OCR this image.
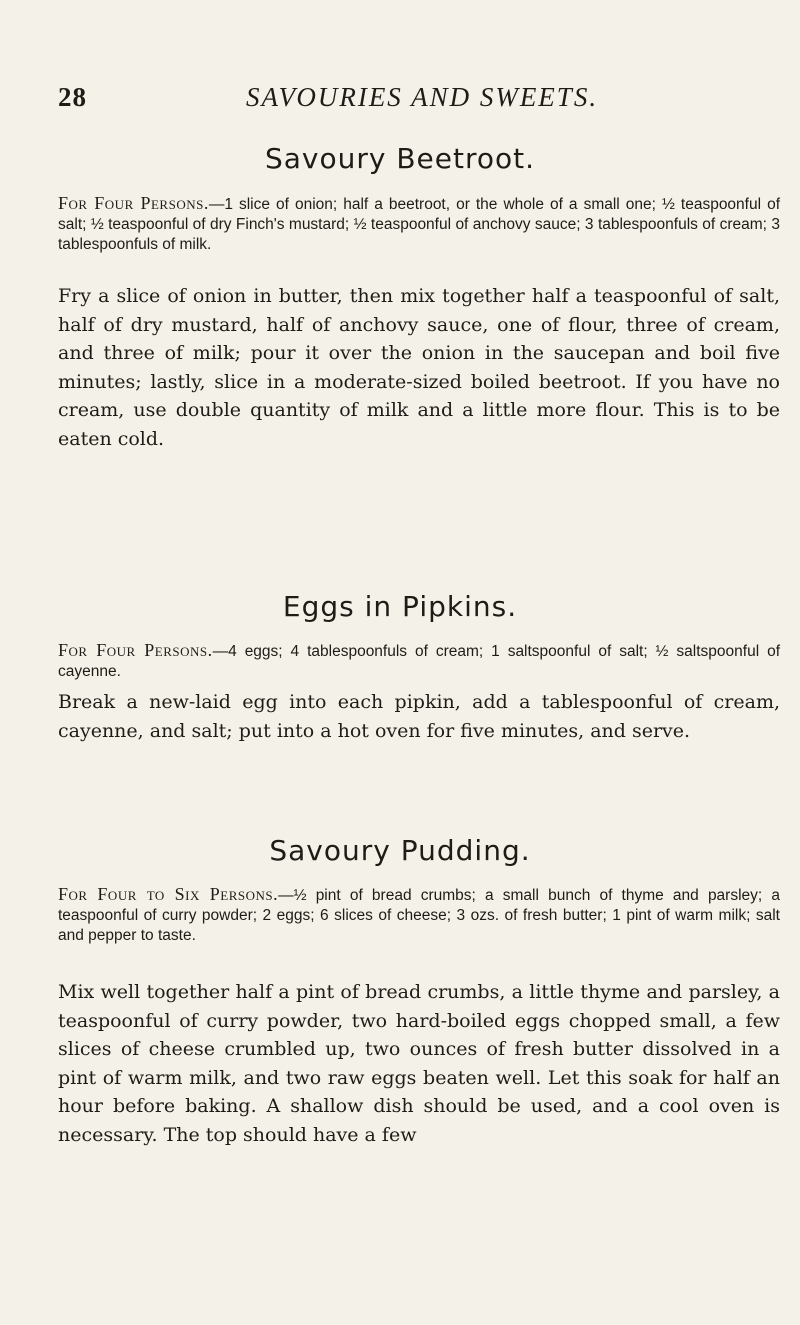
28	SAVOURIES AND SWEETS.
Savoury Beetroot.

For Four Persons.—1 slice of onion; half a beetroot, or the whole of a small one; ½ teaspoonful of salt; ½ teaspoonful of dry Finch's mustard; ½ teaspoonful of anchovy sauce; 3 tablespoonfuls of cream; 3 tablespoonfuls of milk.

Fry a slice of onion in butter, then mix together half a teaspoonful of salt, half of dry mustard, half of anchovy sauce, one of flour, three of cream, and three of milk; pour it over the onion in the saucepan and boil five minutes; lastly, slice in a moderate-sized boiled beetroot. If you have no cream, use double quantity of milk and a little more flour. This is to be eaten cold.

Eggs in Pipkins.

For Four Persons.—4 eggs; 4 tablespoonfuls of cream; 1 saltspoonful of salt; ½ saltspoonful of cayenne.

Break a new-laid egg into each pipkin, add a tablespoonful of cream, cayenne, and salt; put into a hot oven for five minutes, and serve.

Savoury Pudding.

For Four to Six Persons.—½ pint of bread crumbs; a small bunch of thyme and parsley; a teaspoonful of curry powder; 2 eggs; 6 slices of cheese; 3 ozs. of fresh butter; 1 pint of warm milk; salt and pepper to taste.

Mix well together half a pint of bread crumbs, a little thyme and parsley, a teaspoonful of curry powder, two hard-boiled eggs chopped small, a few slices of cheese crumbled up, two ounces of fresh butter dissolved in a pint of warm milk, and two raw eggs beaten well. Let this soak for half an hour before baking. A shallow dish should be used, and a cool oven is necessary. The top should have a few
